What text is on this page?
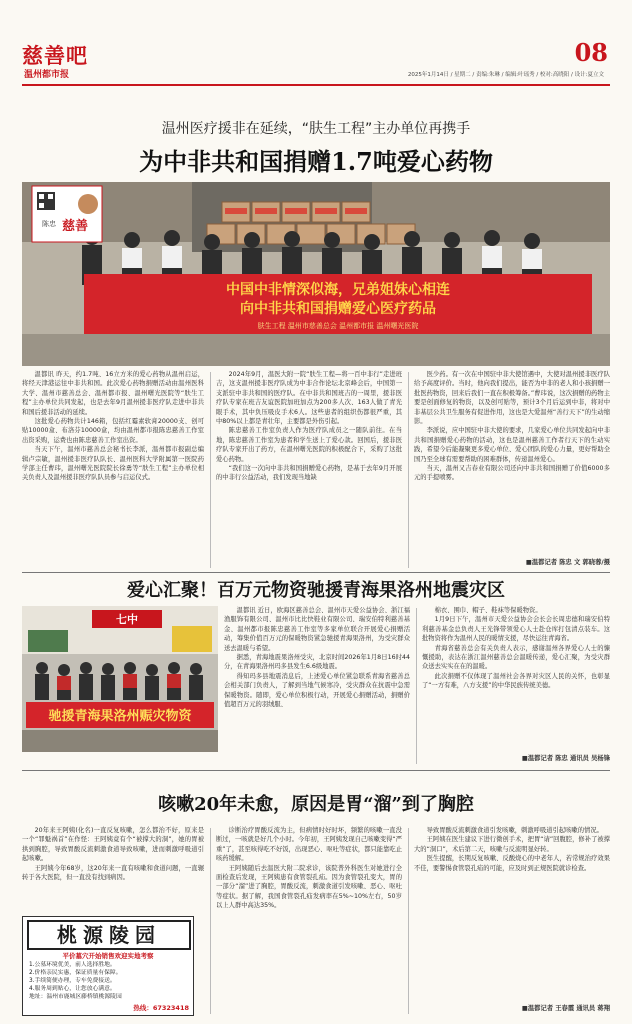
慈善吧
温州都市报
08
2025年1月14日 / 星期二 / 责编:朱琳 / 编辑:叶瑶秀 / 校对:高晓阳 / 设计:夏立文
温州医疗援非在延续，“肤生工程”主办单位再携手
为中非共和国捐赠1.7吨爱心药物
中国中非情深似海，兄弟姐妹心相连
向中非共和国捐赠爱心医疗药品
肤生工程 温州市慈善总会 温州都市报 温州曙光医院
陈忠 慈善

温都讯 昨天，约1.7吨、16立方米的爱心药物从温州启运，将经天津港运往中非共和国。此次爱心药物捐赠活动由温州医科大学、温州市慈善总会、温州都市报、温州曙光医院等“肤生工程”主办单位共同发起，也是去年9月温州援非医疗队走进中非共和国后援非活动的延续。

这批爱心药物共计146箱，包括红霉素软膏20000支、创可贴10000盒、布洛芬10000盒，均由温州都市报陈忠慈善工作室出资采购，运费也由陈忠慈善工作室出资。

当天下午，温州市慈善总会秘书长李派，温州都市报副总编辑卢宗敏，温州援非医疗队队长、温州医科大学附属第一医院药学部主任曹玮，温州曙光医院院长徐勇等“肤生工程”主办单位相关负责人及温州援非医疗队队员参与启运仪式。

2024年9月，温医大附一院“肤生工程—将一百中非行”走进班吉，这支温州援非医疗队成为中非合作论坛北京峰会后，中国第一支派驻中非共和国的医疗队。在中非共和国班吉的一周里，援非医疗队专家在班吉友谊医院加班加点为200多人次、163人做了青光眼手术，其中负压吸皮手术6人。这些患者的组织伤都很严重，其中80%以上都是青壮年，主要都是外伤引起。

陈忠慈善工作室负责人作为医疗队成员之一随队前往。在当地，陈忠慈善工作室为患者和学生送上了爱心款。回国后，援非医疗队专家开出了药方，在温州曙光医院的积极配合下，采购了这批爱心药物。

“我们这一次向中非共和国捐赠爱心药物，是基于去年9月开展的中非行公益活动，我们发现当地缺

医少药。有一次在中国驻中非大使馆遇中，大使对温州援非医疗队给予高度评价。当时，他向我们提出，能否为中非的老人和小孩捐赠一批医药物资，回来后我们一直在积极筹备。”曹玮说，这次捐赠的药物主要是创面修复的物资，以及创可贴等，预计3个月后运到中非，将对中非基层公共卫生服务有促进作用，这也是大爱温州“善行天下”的生动缩影。

李派说，应中国驻中非大使的要求，几家爱心单位共同发起向中非共和国捐赠爱心药物的活动，这也是温州慈善工作者行天下的生动实践，希望今后能凝聚更多爱心单位、爱心团队的爱心力量，更好帮助全国乃至全球有需要帮助的困难群体，传递温州爱心。

当天，温州又吉春业有限公司还向中非共和国捐赠了价值6000多元的手提喷雾。

■温都记者 陈忠 文 郭晓蓉/摄

爱心汇聚！百万元物资驰援青海果洛州地震灾区
七中
驰援青海果洛州赈灾物资

温都讯 近日，欧海区慈善总会、温州市天爱公益协会、浙江福渔服饰有限公司、温州市比比快鞋业有限公司、瑞安伯特利慈善基金、温州都市报陈忠慈善工作室等多家单位联合开展爱心捐赠活动，筹集价值百万元的保暖物资紧急驰援青海果洛州，为受灾群众送去温暖与希望。

据悉，青海地震果洛州受灾，北京时间2026年1月8日16时44分，在青海果洛州玛多县发生6.6级地震。

得知玛多县地震消息后，上述爱心单位紧急联系青海省慈善总会相关部门负责人，了解到当地气候寒冷，受灾群众在抗震中急需保暖物资。随即，爱心单位积极行动，开展爱心捐赠活动，捐赠价值超百万元的羽绒服、

棉衣、围巾、帽子、鞋袜等保暖物资。

1月9日下午，温州市天爱公益协会会长会长周忠德和瑞安伯特利慈善基金总负责人王光锋带领爱心人士赴仓库打包清点装车。这批物资将作为温州人民的暖情支援，尽快运往青海省。

青海省慈善总会有关负责人表示，感谢温州各界爱心人士的慷慨援助，表达在浙江温州慈善总会温暖传递，爱心汇聚，为受灾群众送去实实在在的温暖。

此次捐赠不仅体现了温州社会各界对灾区人民的关怀，也彰显了“一方有难，八方支援”的中华民族传统美德。

■温都记者 陈忠 通讯员 吴杨锋

咳嗽20年未愈，原因是胃“溜”到了胸腔

20年来王阿姨(化名)一直反复咳嗽，怎么都治不好，原来是一个“罪魁祸首”在作怪：王阿姨竟有个“被撑大的洞”，她的胃被拱到胸腔，导致胃酸反流刺激食道导致咳嗽，进而刺激呼吸道引起咳嗽。

王阿姨今年68岁，这20年来一直有咳嗽和食道问题，一直辗转于各大医院，但一直没有找到病因。

诊断治疗胃酸反流为主，但病情时好时坏，频繁的咳嗽一直没断过，一咳就是好几个小时。今年初，王阿姨发现自己咳嗽变得“严重”了，甚至咳得吃不好饭，出现恶心、呕吐等症状，都只能靠吃止咳药缓解。

王阿姨随后去温医大附二院求诊，该院普外科医生对她进行全面检查后发现，王阿姨患有食管裂孔疝。因为食管裂孔变大，胃的一部分“溜”进了胸腔，胃酸反流，刺激食道引发咳嗽、恶心、呕吐等症状。据了解，我国食管裂孔疝发病率在5%~10%左右，50岁以上人群中高达35%。

导致胃酸反流刺激食道引发咳嗽，刺激呼吸道引起咳嗽的情况。

王阿姨在医生建议下进行微创手术，把胃“请”回腹腔，修补了被撑大的“洞口”，术后第二天，咳嗽与反流明显好转。

医生提醒，长期反复咳嗽、反酸烧心的中老年人，若常规治疗效果不佳，要警惕食管裂孔疝的可能，应及时到正规医院就诊检查。

■温都记者 王春霞 通讯员 蒋翔

桃源陵园
平价墓穴开始销售欢迎实地考察
1.公墓环境优美，前人选择胜地。
2.价格亲民实惠，保证质量有保障。
3.手续简便办理，专车免费接送。
4.服务周到贴心，让您放心满意。
地址：温州市鹿城区藤桥镇桃源陵园
热线：67323418
